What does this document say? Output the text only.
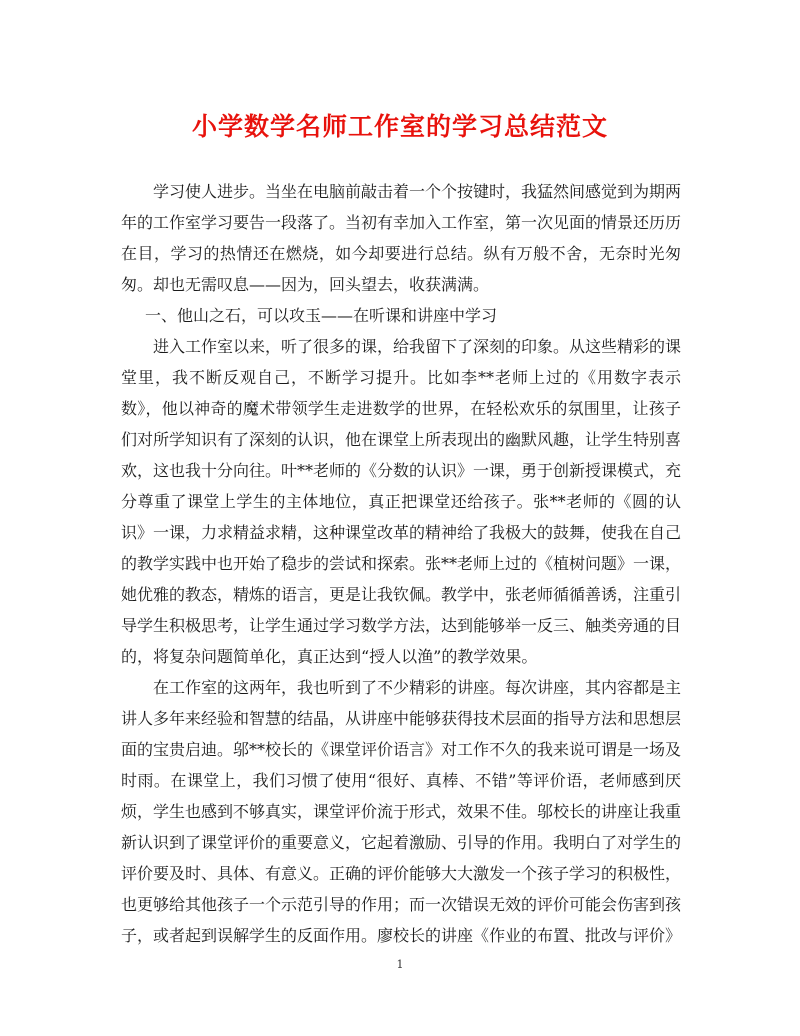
小学数学名师工作室的学习总结范文

学习使人进步。当坐在电脑前敲击着一个个按键时，我猛然间感觉到为期两年的工作室学习要告一段落了。当初有幸加入工作室，第一次见面的情景还历历在目，学习的热情还在燃烧，如今却要进行总结。纵有万般不舍，无奈时光匆匆。却也无需叹息——因为，回头望去，收获满满。

一、他山之石，可以攻玉——在听课和讲座中学习

进入工作室以来，听了很多的课，给我留下了深刻的印象。从这些精彩的课堂里，我不断反观自己，不断学习提升。比如李**老师上过的《用数字表示数》，他以神奇的魔术带领学生走进数学的世界，在轻松欢乐的氛围里，让孩子们对所学知识有了深刻的认识，他在课堂上所表现出的幽默风趣，让学生特别喜欢，这也我十分向往。叶**老师的《分数的认识》一课，勇于创新授课模式，充分尊重了课堂上学生的主体地位，真正把课堂还给孩子。张**老师的《圆的认识》一课，力求精益求精，这种课堂改革的精神给了我极大的鼓舞，使我在自己的教学实践中也开始了稳步的尝试和探索。张**老师上过的《植树问题》一课，她优雅的教态，精炼的语言，更是让我钦佩。教学中，张老师循循善诱，注重引导学生积极思考，让学生通过学习数学方法，达到能够举一反三、触类旁通的目的，将复杂问题简单化，真正达到“授人以渔”的教学效果。

在工作室的这两年，我也听到了不少精彩的讲座。每次讲座，其内容都是主讲人多年来经验和智慧的结晶，从讲座中能够获得技术层面的指导方法和思想层面的宝贵启迪。邬**校长的《课堂评价语言》对工作不久的我来说可谓是一场及时雨。在课堂上，我们习惯了使用“很好、真棒、不错”等评价语，老师感到厌烦，学生也感到不够真实，课堂评价流于形式，效果不佳。邬校长的讲座让我重新认识到了课堂评价的重要意义，它起着激励、引导的作用。我明白了对学生的评价要及时、具体、有意义。正确的评价能够大大激发一个孩子学习的积极性，也更够给其他孩子一个示范引导的作用；而一次错误无效的评价可能会伤害到孩子，或者起到误解学生的反面作用。廖校长的讲座《作业的布置、批改与评价》

1
